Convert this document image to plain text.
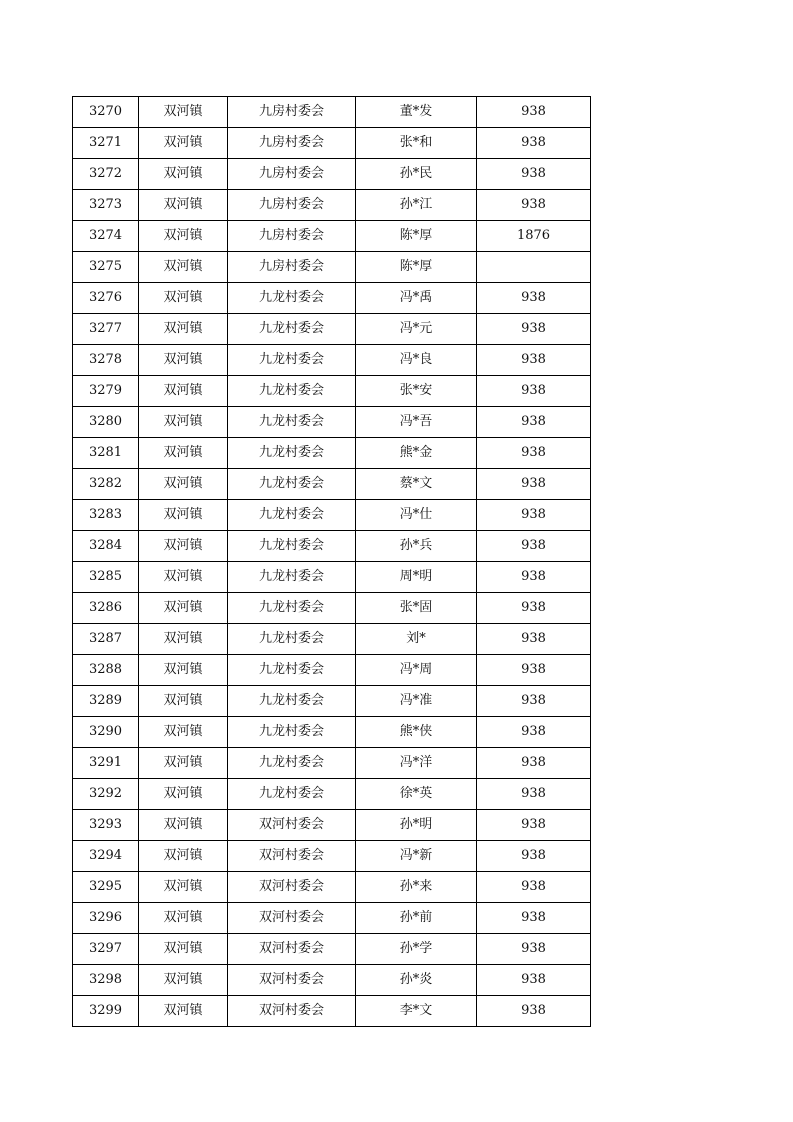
3270	双河镇	九房村委会	董*发	938
3271	双河镇	九房村委会	张*和	938
3272	双河镇	九房村委会	孙*民	938
3273	双河镇	九房村委会	孙*江	938
3274	双河镇	九房村委会	陈*厚	1876
3275	双河镇	九房村委会	陈*厚	
3276	双河镇	九龙村委会	冯*禹	938
3277	双河镇	九龙村委会	冯*元	938
3278	双河镇	九龙村委会	冯*良	938
3279	双河镇	九龙村委会	张*安	938
3280	双河镇	九龙村委会	冯*吾	938
3281	双河镇	九龙村委会	熊*金	938
3282	双河镇	九龙村委会	蔡*文	938
3283	双河镇	九龙村委会	冯*仕	938
3284	双河镇	九龙村委会	孙*兵	938
3285	双河镇	九龙村委会	周*明	938
3286	双河镇	九龙村委会	张*固	938
3287	双河镇	九龙村委会	刘*	938
3288	双河镇	九龙村委会	冯*周	938
3289	双河镇	九龙村委会	冯*准	938
3290	双河镇	九龙村委会	熊*侠	938
3291	双河镇	九龙村委会	冯*洋	938
3292	双河镇	九龙村委会	徐*英	938
3293	双河镇	双河村委会	孙*明	938
3294	双河镇	双河村委会	冯*新	938
3295	双河镇	双河村委会	孙*来	938
3296	双河镇	双河村委会	孙*前	938
3297	双河镇	双河村委会	孙*学	938
3298	双河镇	双河村委会	孙*炎	938
3299	双河镇	双河村委会	李*文	938
